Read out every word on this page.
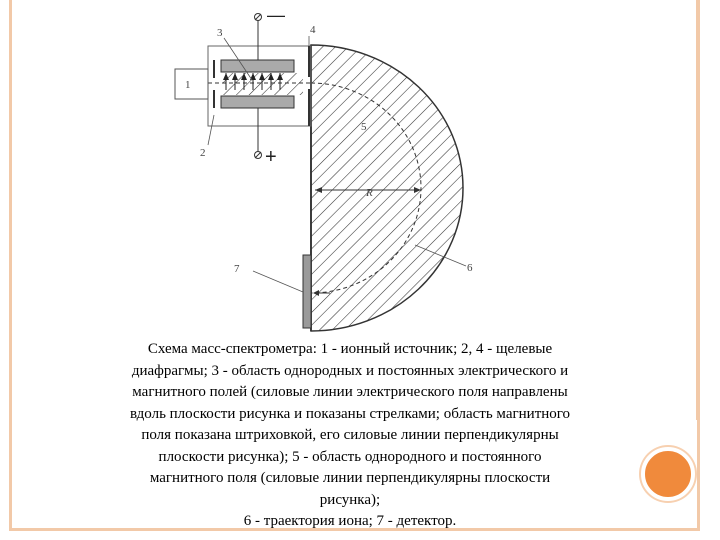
1
2
3	4
5
6
7
R
—
+
Схема масс-спектрометра: 1 - ионный источник; 2, 4 - щелевые
диафрагмы; 3 - область однородных и постоянных электрического и
магнитного полей (силовые линии электрического поля направлены
вдоль плоскости рисунка и показаны стрелками; область магнитного
поля показана штриховкой, его силовые линии перпендикулярны
плоскости рисунка); 5 - область однородного и постоянного
магнитного поля (силовые линии перпендикулярны плоскости
рисунка);
6 - траектория иона; 7 - детектор.
